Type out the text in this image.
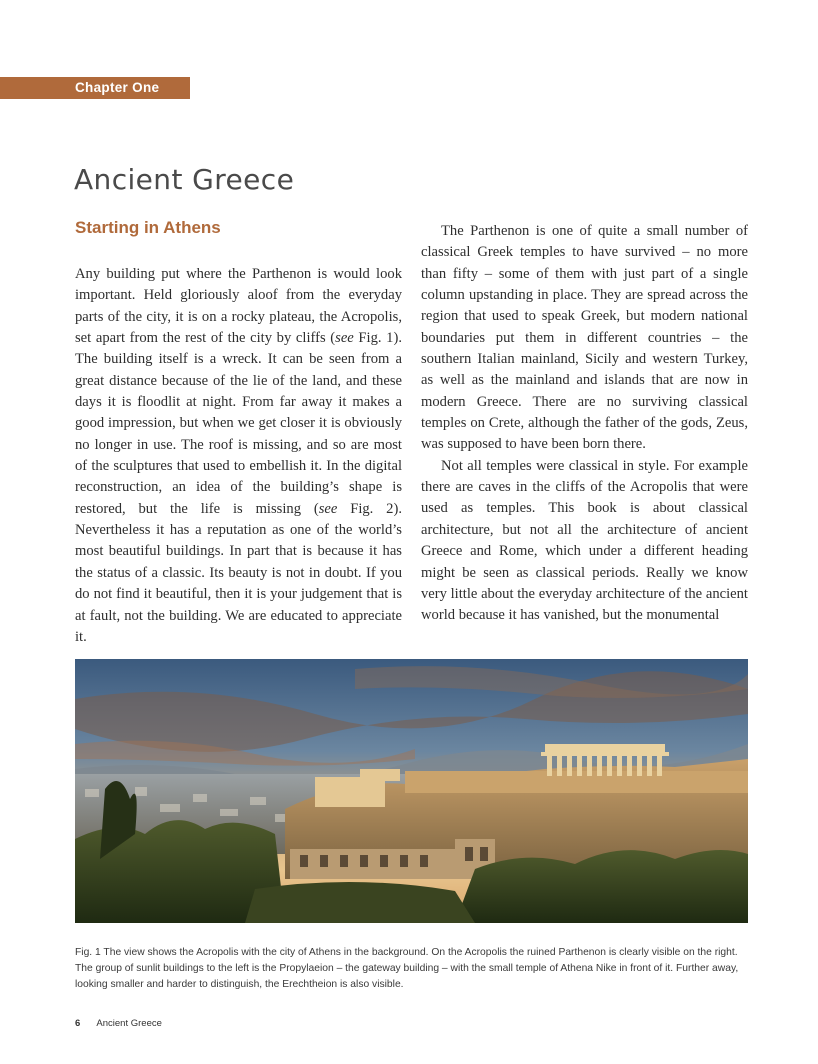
Chapter One
Ancient Greece
Starting in Athens

Any building put where the Parthenon is would look important. Held gloriously aloof from the everyday parts of the city, it is on a rocky plateau, the Acropolis, set apart from the rest of the city by cliffs (see Fig. 1). The building itself is a wreck. It can be seen from a great distance because of the lie of the land, and these days it is floodlit at night. From far away it makes a good impression, but when we get closer it is obviously no longer in use. The roof is missing, and so are most of the sculptures that used to embellish it. In the digital reconstruction, an idea of the building’s shape is restored, but the life is missing (see Fig. 2). Nevertheless it has a reputation as one of the world’s most beautiful buildings. In part that is because it has the status of a classic. Its beauty is not in doubt. If you do not find it beautiful, then it is your judgement that is at fault, not the building. We are educated to appreciate it.

The Parthenon is one of quite a small number of classical Greek temples to have survived – no more than fifty – some of them with just part of a single column upstanding in place. They are spread across the region that used to speak Greek, but modern national boundaries put them in different countries – the southern Italian mainland, Sicily and western Turkey, as well as the mainland and islands that are now in modern Greece. There are no surviving classical temples on Crete, although the father of the gods, Zeus, was supposed to have been born there.

Not all temples were classical in style. For example there are caves in the cliffs of the Acropolis that were used as temples. This book is about classical architecture, but not all the architecture of ancient Greece and Rome, which under a different heading might be seen as classical periods. Really we know very little about the everyday architecture of the ancient world because it has vanished, but the monumental

Fig. 1 The view shows the Acropolis with the city of Athens in the background. On the Acropolis the ruined Parthenon is clearly visible on the right. The group of sunlit buildings to the left is the Propylaeion – the gateway building – with the small temple of Athena Nike in front of it. Further away, looking smaller and harder to distinguish, the Erechtheion is also visible.

6 Ancient Greece
